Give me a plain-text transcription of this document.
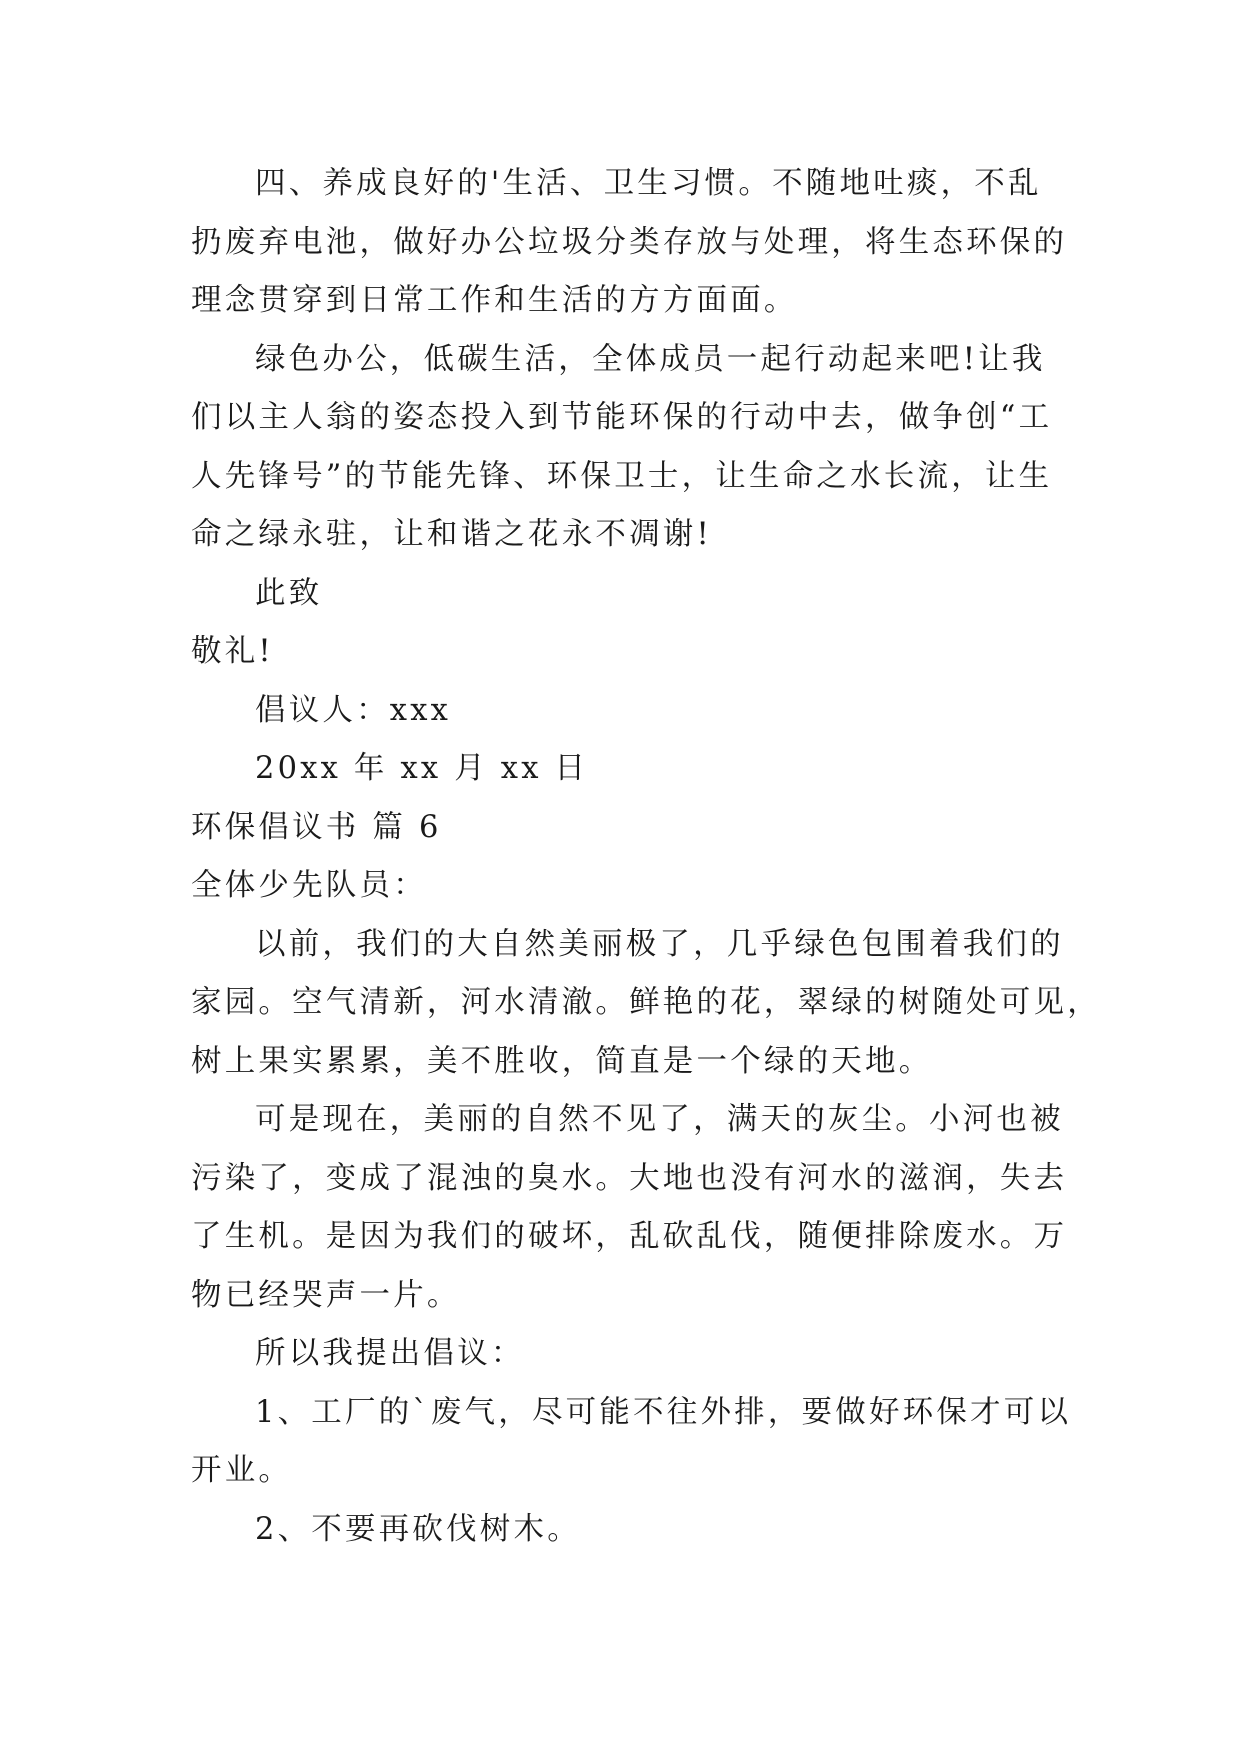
四、养成良好的'生活、卫生习惯。不随地吐痰，不乱

扔废弃电池，做好办公垃圾分类存放与处理，将生态环保的

理念贯穿到日常工作和生活的方方面面。

绿色办公，低碳生活，全体成员一起行动起来吧!让我

们以主人翁的姿态投入到节能环保的行动中去，做争创“工

人先锋号”的节能先锋、环保卫士，让生命之水长流，让生

命之绿永驻，让和谐之花永不凋谢!

此致

敬礼!

倡议人：xxx

20xx 年 xx 月 xx 日

环保倡议书 篇 6

全体少先队员：

以前，我们的大自然美丽极了，几乎绿色包围着我们的

家园。空气清新，河水清澈。鲜艳的花，翠绿的树随处可见，

树上果实累累，美不胜收，简直是一个绿的天地。

可是现在，美丽的自然不见了，满天的灰尘。小河也被

污染了，变成了混浊的臭水。大地也没有河水的滋润，失去

了生机。是因为我们的破坏，乱砍乱伐，随便排除废水。万

物已经哭声一片。

所以我提出倡议：

1、工厂的`废气，尽可能不往外排，要做好环保才可以

开业。

2、不要再砍伐树木。
